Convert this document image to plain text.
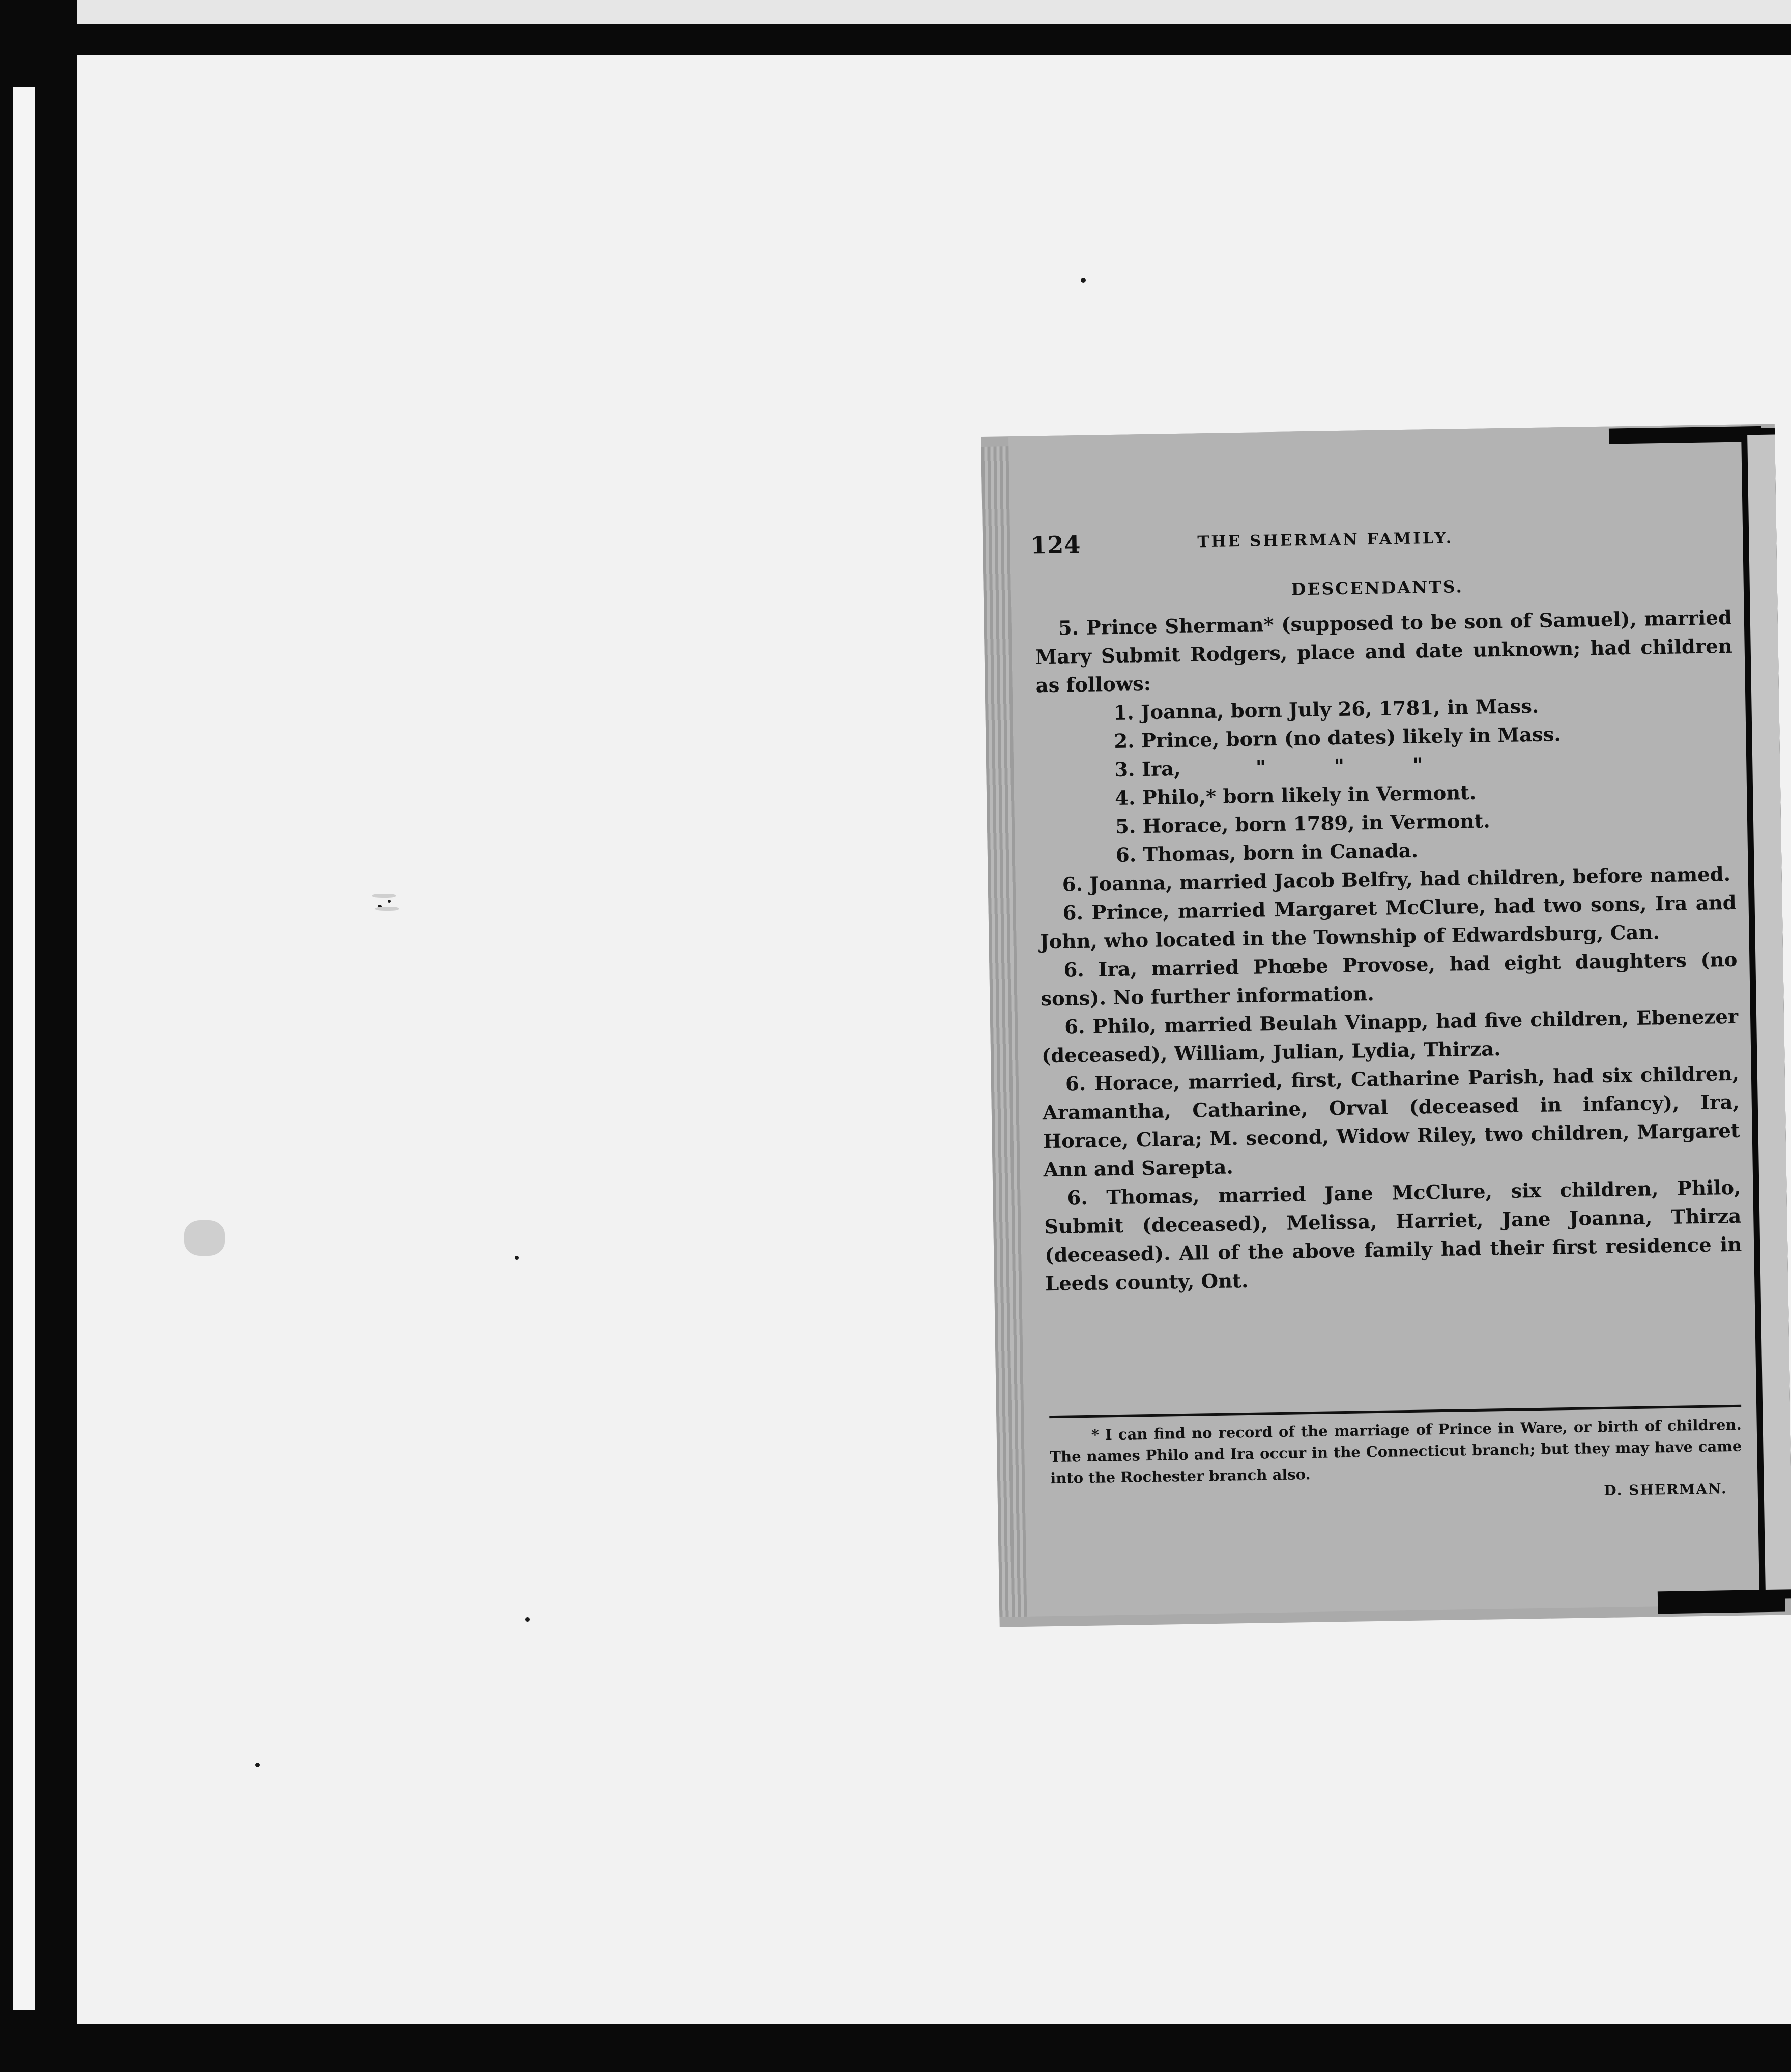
124	THE SHERMAN FAMILY.
DESCENDANTS.

5. Prince Sherman* (supposed to be son of Samuel), married Mary Submit Rodgers, place and date unknown; had children as follows:

1. Joanna, born July 26, 1781, in Mass.
2. Prince, born (no dates) likely in Mass.
3. Ira,           "          "          "
4. Philo,* born likely in Vermont.
5. Horace, born 1789, in Vermont.
6. Thomas, born in Canada.

6. Joanna, married Jacob Belfry, had children, before named.

6. Prince, married Margaret McClure, had two sons, Ira and John, who located in the Township of Edwardsburg, Can.

6. Ira, married Phœbe Provose, had eight daughters (no sons). No further information.

6. Philo, married Beulah Vinapp, had five children, Ebenezer (deceased), William, Julian, Lydia, Thirza.

6. Horace, married, first, Catharine Parish, had six children, Aramantha, Catharine, Orval (deceased in infancy), Ira, Horace, Clara; M. second, Widow Riley, two children, Margaret Ann and Sarepta.

6. Thomas, married Jane McClure, six children, Philo, Submit (deceased), Melissa, Harriet, Jane Joanna, Thirza (deceased). All of the above family had their first residence in Leeds county, Ont.

* I can find no record of the marriage of Prince in Ware, or birth of children. The names Philo and Ira occur in the Connecticut branch; but they may have came into the Rochester branch also.

D. SHERMAN.
